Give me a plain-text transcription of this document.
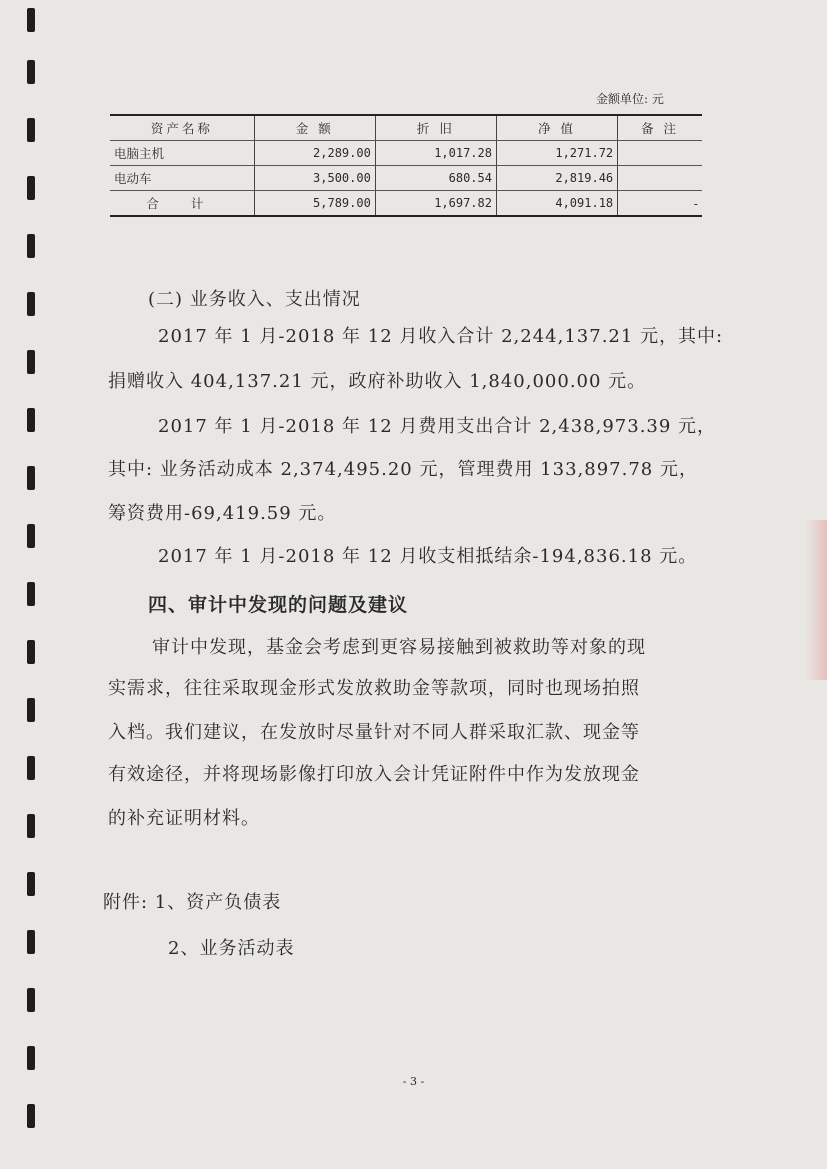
金额单位: 元
资产名称	金 额	折 旧	净 值	备 注
电脑主机	2,289.00	1,017.28	1,271.72	
电动车	3,500.00	680.54	2,819.46	
合 计	5,789.00	1,697.82	4,091.18	-
(二) 业务收入、支出情况
2017 年 1 月-2018 年 12 月收入合计 2,244,137.21 元，其中:
捐赠收入 404,137.21 元，政府补助收入 1,840,000.00 元。
2017 年 1 月-2018 年 12 月费用支出合计 2,438,973.39 元，
其中: 业务活动成本 2,374,495.20 元，管理费用 133,897.78 元，
筹资费用-69,419.59 元。
2017 年 1 月-2018 年 12 月收支相抵结余-194,836.18 元。
四、审计中发现的问题及建议
审计中发现，基金会考虑到更容易接触到被救助等对象的现
实需求，往往采取现金形式发放救助金等款项，同时也现场拍照
入档。我们建议，在发放时尽量针对不同人群采取汇款、现金等
有效途径，并将现场影像打印放入会计凭证附件中作为发放现金
的补充证明材料。
附件: 1、资产负债表
2、业务活动表
- 3 -
